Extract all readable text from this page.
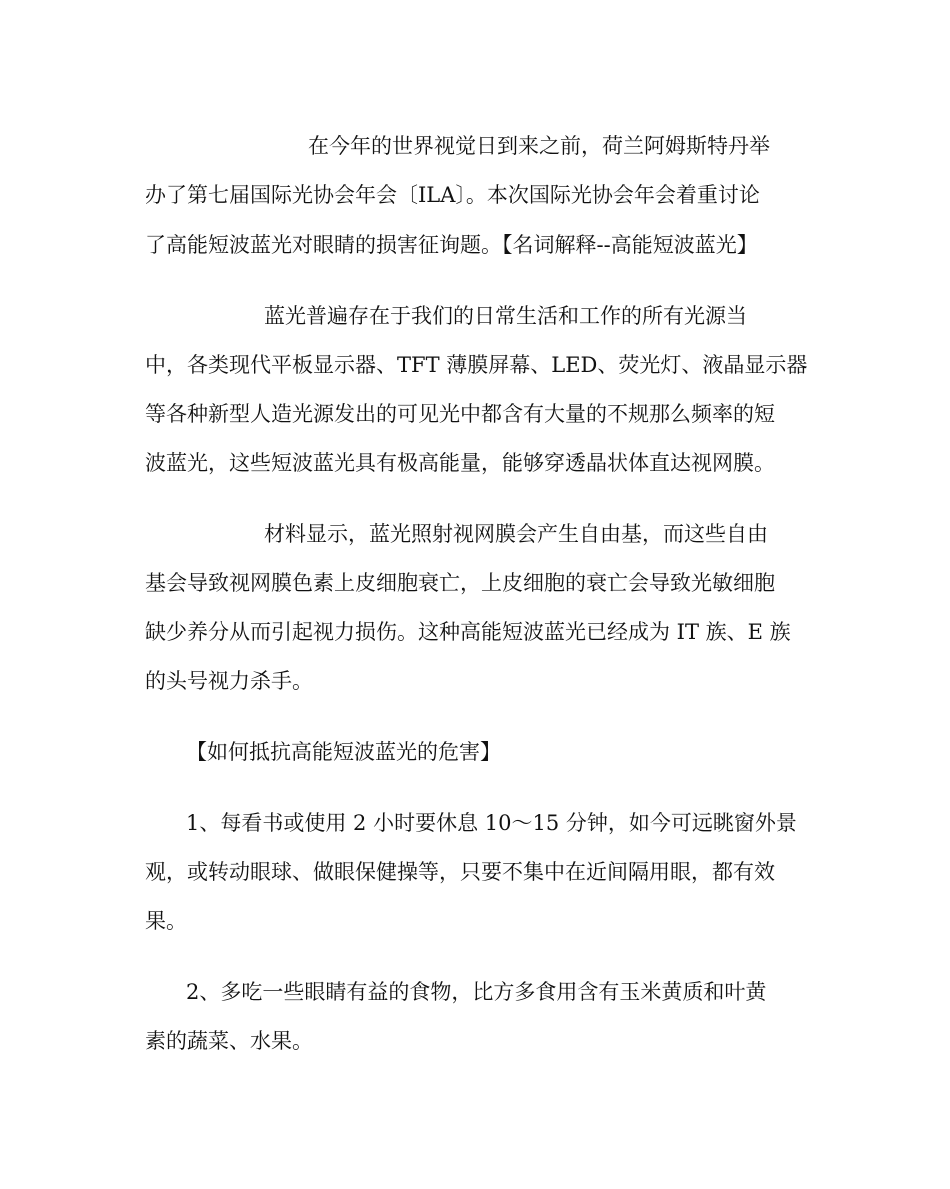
在今年的世界视觉日到来之前，荷兰阿姆斯特丹举
办了第七届国际光协会年会〔ILA〕。本次国际光协会年会着重讨论
了高能短波蓝光对眼睛的损害征询题。【名词解释--高能短波蓝光】
蓝光普遍存在于我们的日常生活和工作的所有光源当
中，各类现代平板显示器、TFT 薄膜屏幕、LED、荧光灯、液晶显示器
等各种新型人造光源发出的可见光中都含有大量的不规那么频率的短
波蓝光，这些短波蓝光具有极高能量，能够穿透晶状体直达视网膜。
材料显示，蓝光照射视网膜会产生自由基，而这些自由
基会导致视网膜色素上皮细胞衰亡，上皮细胞的衰亡会导致光敏细胞
缺少养分从而引起视力损伤。这种高能短波蓝光已经成为 IT 族、E 族
的头号视力杀手。
【如何抵抗高能短波蓝光的危害】
1、每看书或使用 2 小时要休息 10～15 分钟，如今可远眺窗外景
观，或转动眼球、做眼保健操等，只要不集中在近间隔用眼，都有效
果。
2、多吃一些眼睛有益的食物，比方多食用含有玉米黄质和叶黄
素的蔬菜、水果。
